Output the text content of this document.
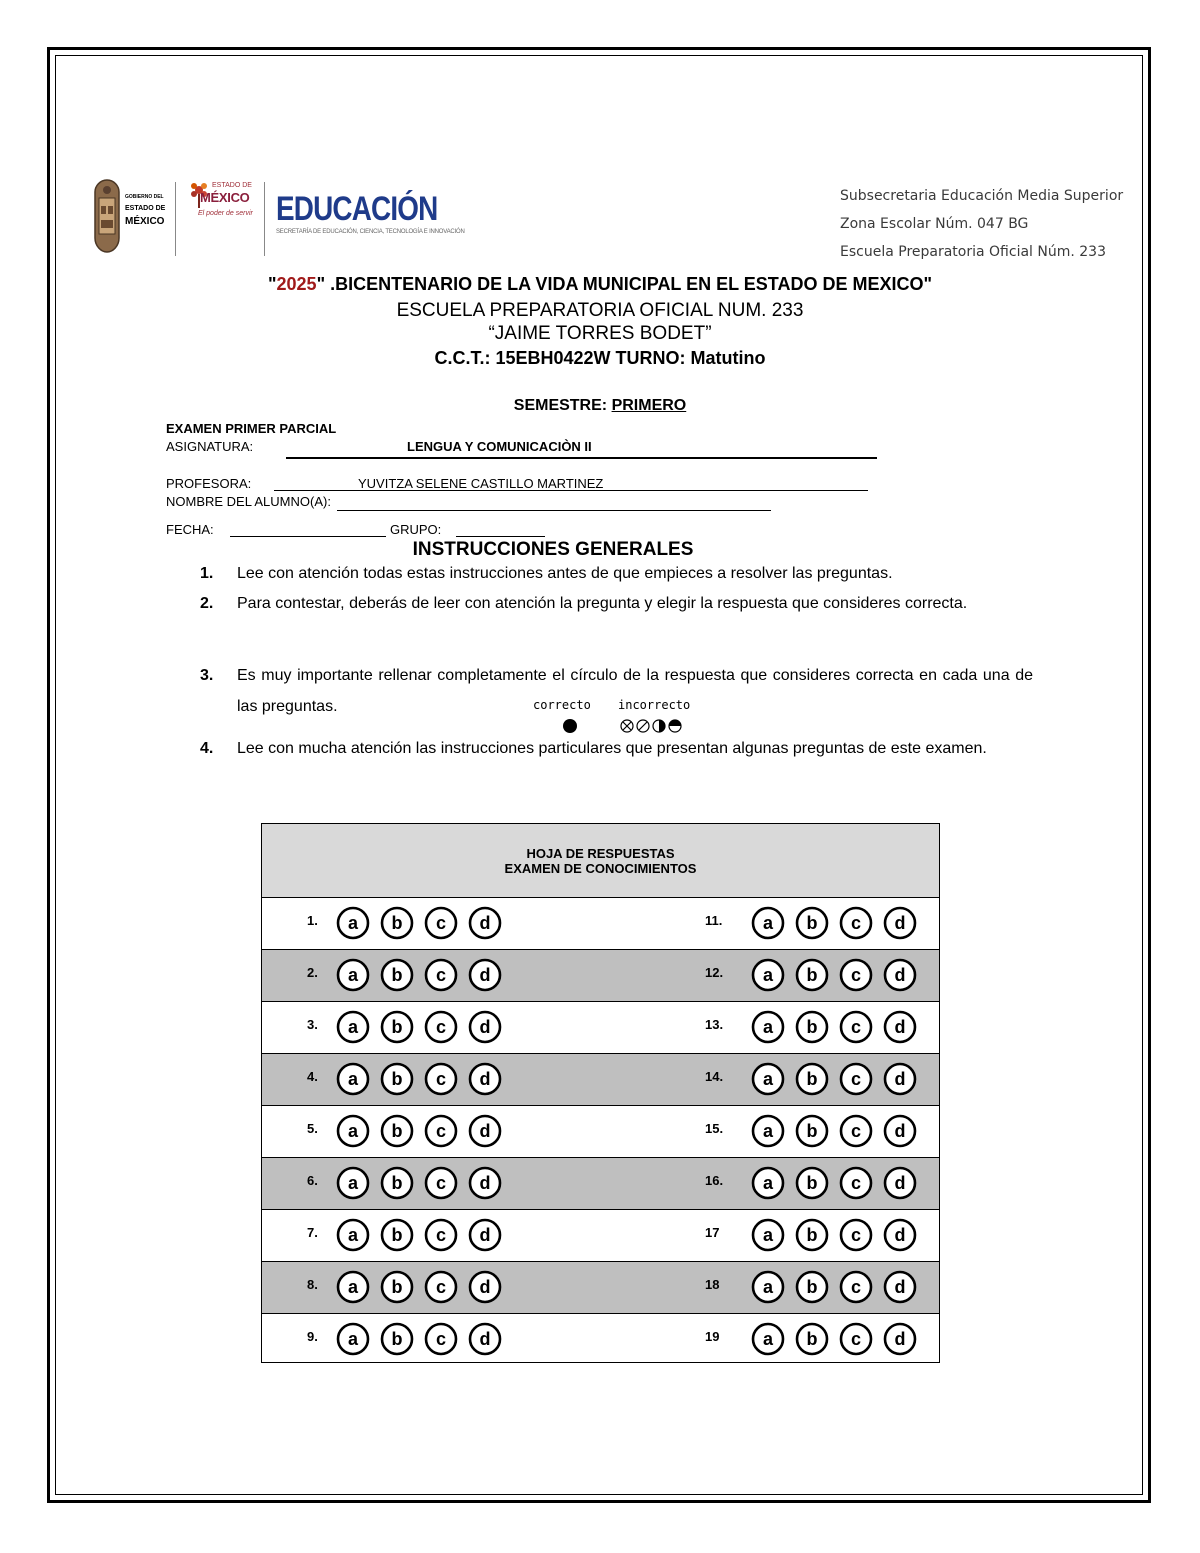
GOBIERNO DEL
ESTADO DE
MÉXICO
ESTADO DE
MÉXICO
El poder de servir EDUCACIÓN
SECRETARÍA DE EDUCACIÓN, CIENCIA, TECNOLOGÍA E INNOVACIÓN
Subsecretaria Educación Media Superior
Zona Escolar Núm. 047 BG
Escuela Preparatoria Oficial Núm. 233
"2025" .BICENTENARIO DE LA VIDA MUNICIPAL EN EL ESTADO DE MEXICO"
ESCUELA PREPARATORIA OFICIAL NUM. 233
“JAIME TORRES BODET”
C.C.T.: 15EBH0422W TURNO: Matutino
SEMESTRE: PRIMERO
EXAMEN PRIMER PARCIAL
ASIGNATURA:	LENGUA Y COMUNICACIÒN II
PROFESORA:	YUVITZA SELENE CASTILLO MARTINEZ
NOMBRE DEL ALUMNO(A):
FECHA:	GRUPO:
INSTRUCCIONES GENERALES
1. Lee con atención todas estas instrucciones antes de que empieces a resolver las preguntas.
2. Para contestar, deberás de leer con atención la pregunta y elegir la respuesta que consideres correcta.
3. Es muy importante rellenar completamente el círculo de la respuesta que consideres correcta en cada una de las preguntas.
4. Lee con mucha atención las instrucciones particulares que presentan algunas preguntas de este examen.
correcto incorrecto
HOJA DE RESPUESTAS
EXAMEN DE CONOCIMIENTOS
1. a b c d	11. a b c d
2. a b c d	12. a b c d
3. a b c d	13. a b c d
4. a b c d	14. a b c d
5. a b c d	15. a b c d
6. a b c d	16. a b c d
7. a b c d	17 a b c d
8. a b c d	18 a b c d
9. a b c d	19 a b c d
